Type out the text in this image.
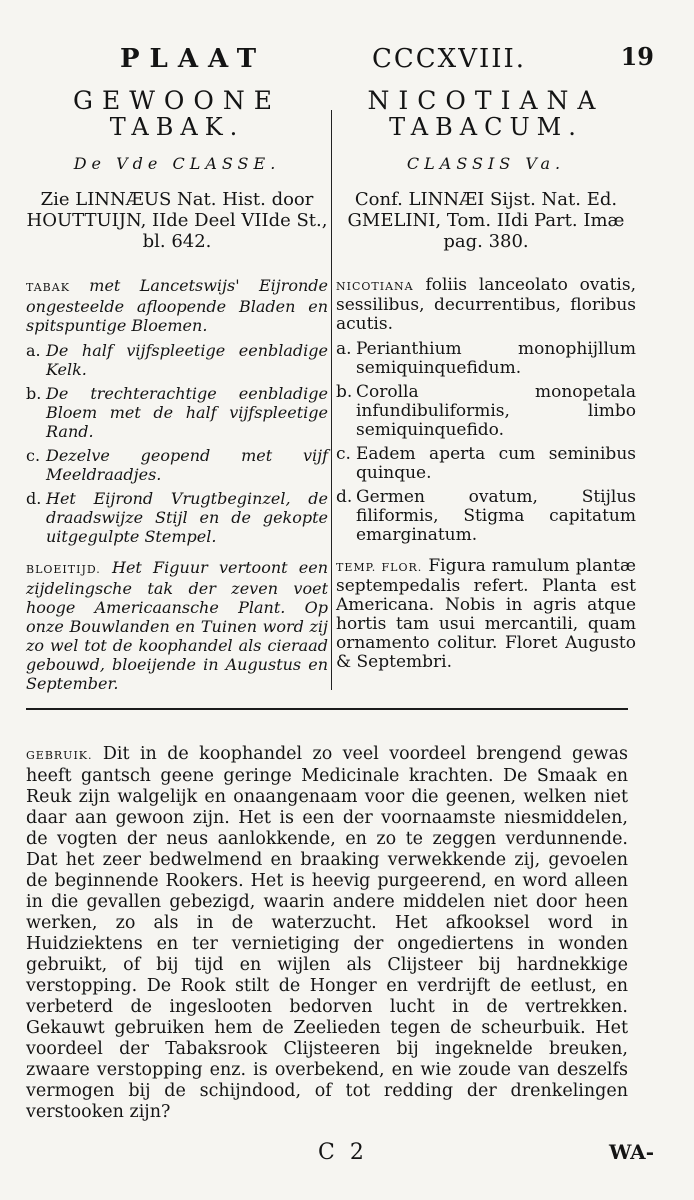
PLAAT	CCCXVIII.	19
GEWOONE
TABAK.
De Vde CLASSE.
Zie LINNÆUS Nat. Hist. door HOUTTUIJN, IIde Deel VIIde St., bl. 642.
TABAK met Lancetswijs' Eijronde ongesteelde afloopende Bladen en spitspuntige Bloemen.
a. De half vijfspleetige eenbladige Kelk.
b. De trechterachtige eenbladige Bloem met de half vijfspleetige Rand.
c. Dezelve geopend met vijf Meeldraadjes.
d. Het Eijrond Vrugtbeginzel, de draadswijze Stijl en de gekopte uitgegulpte Stempel.
BLOEITIJD. Het Figuur vertoont een zijdelingsche tak der zeven voet hooge Americaansche Plant. Op onze Bouwlanden en Tuinen word zij zo wel tot de koophandel als cieraad gebouwd, bloeijende in Augustus en September.
NICOTIANA
TABACUM.
CLASSIS Va.
Conf. LINNÆI Sijst. Nat. Ed. GMELINI, Tom. IIdi Part. Imæ pag. 380.
NICOTIANA foliis lanceolato ovatis, sessilibus, decurrentibus, floribus acutis.
a. Perianthium monophijllum semiquinquefidum.
b. Corolla monopetala infundibuliformis, limbo semiquinquefido.
c. Eadem aperta cum seminibus quinque.
d. Germen ovatum, Stijlus filiformis, Stigma capitatum emarginatum.
TEMP. FLOR. Figura ramulum plantæ septempedalis refert. Planta est Americana. Nobis in agris atque hortis tam usui mercantili, quam ornamento colitur. Floret Augusto & Septembri.
GEBRUIK. Dit in de koophandel zo veel voordeel brengend gewas heeft gantsch geene geringe Medicinale krachten. De Smaak en Reuk zijn walgelijk en onaangenaam voor die geenen, welken niet daar aan gewoon zijn. Het is een der voornaamste niesmiddelen, de vogten der neus aanlokkende, en zo te zeggen verdunnende. Dat het zeer bedwelmend en braaking verwekkende zij, gevoelen de beginnende Rookers. Het is heevig purgeerend, en word alleen in die gevallen gebezigd, waarin andere middelen niet door heen werken, zo als in de waterzucht. Het afkooksel word in Huidziektens en ter vernietiging der ongediertens in wonden gebruikt, of bij tijd en wijlen als Clijsteer bij hardnekkige verstopping. De Rook stilt de Honger en verdrijft de eetlust, en verbeterd de ingeslooten bedorven lucht in de vertrekken. Gekauwt gebruiken hem de Zeelieden tegen de scheurbuik. Het voordeel der Tabaksrook Clijsteeren bij ingeknelde breuken, zwaare verstopping enz. is overbekend, en wie zoude van deszelfs vermogen bij de schijndood, of tot redding der drenkelingen verstooken zijn?
C 2	WA-
